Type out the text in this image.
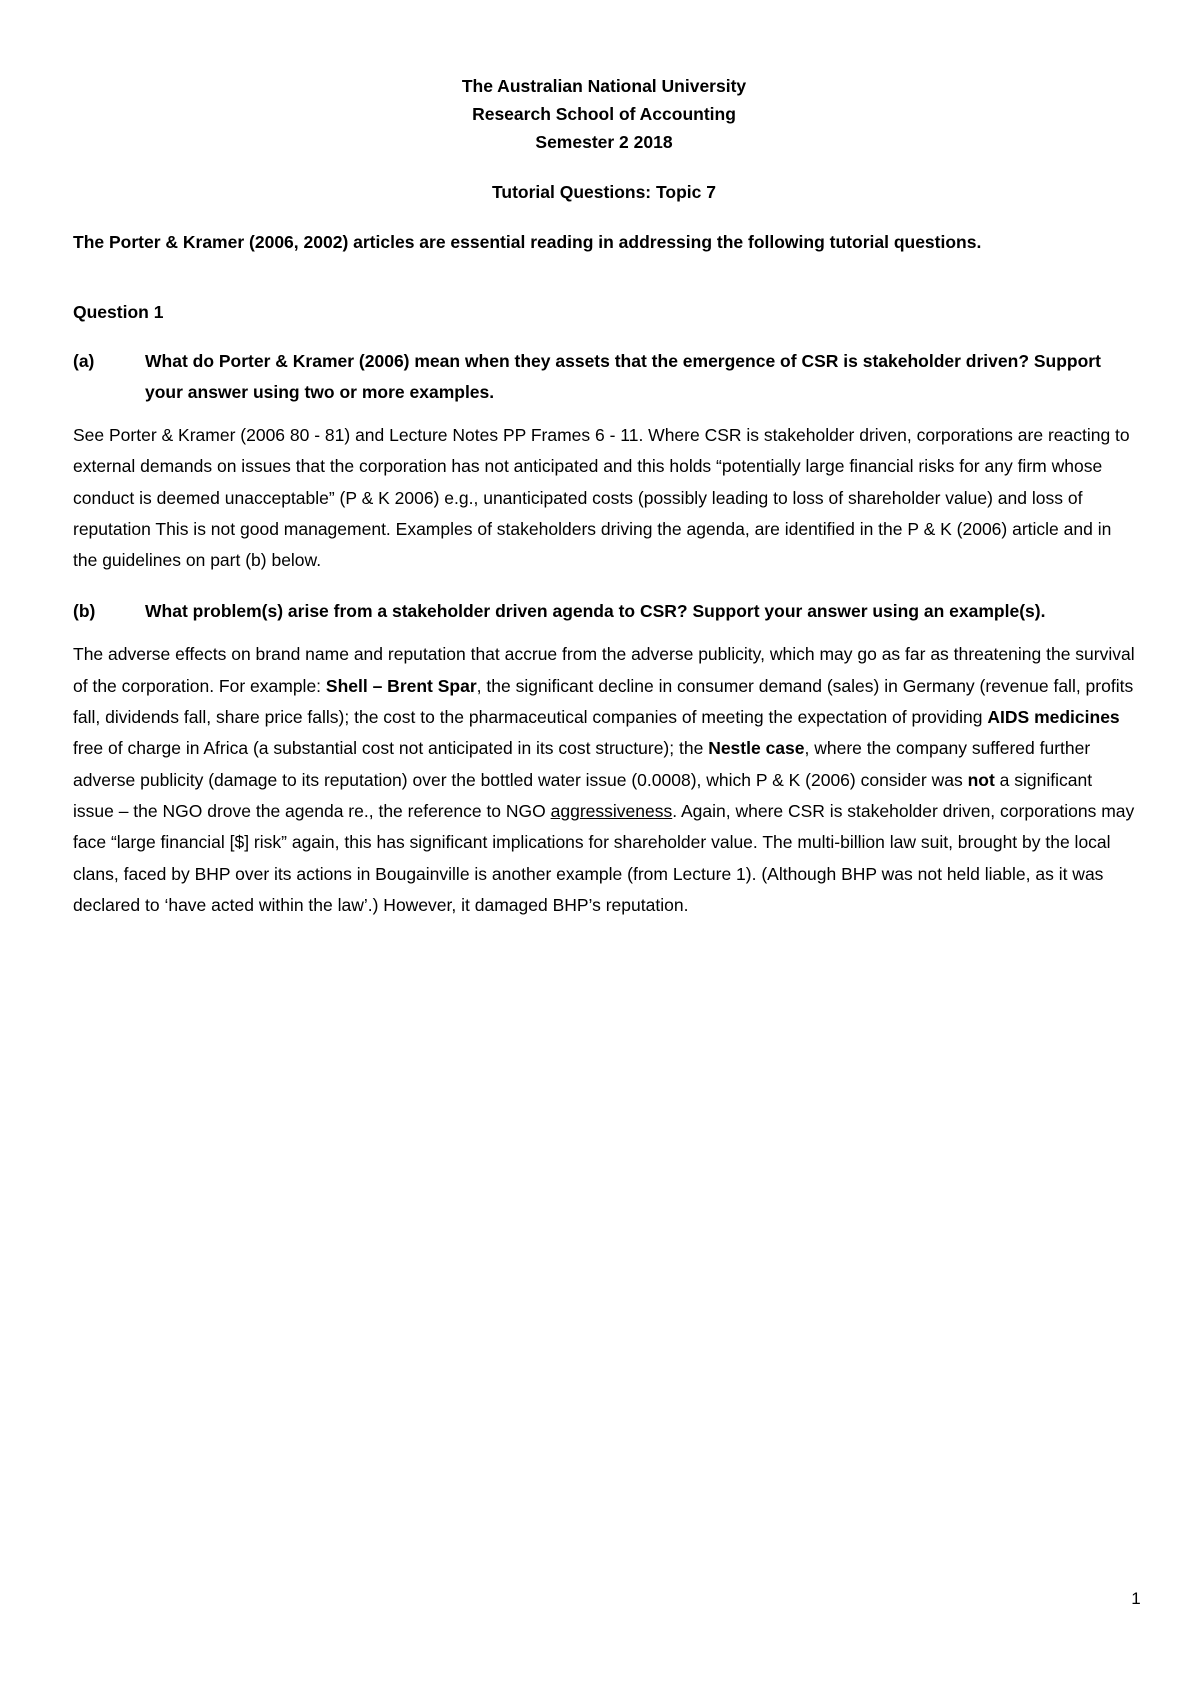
The Australian National University
Research School of Accounting
Semester 2 2018
Tutorial Questions: Topic 7
The Porter & Kramer (2006, 2002) articles are essential reading in addressing the following tutorial questions.
Question 1
(a)	What do Porter & Kramer (2006) mean when they assets that the emergence of CSR is stakeholder driven? Support your answer using two or more examples.
See Porter & Kramer (2006 80 - 81) and Lecture Notes PP Frames 6 - 11. Where CSR is stakeholder driven, corporations are reacting to external demands on issues that the corporation has not anticipated and this holds “potentially large financial risks for any firm whose conduct is deemed unacceptable” (P & K 2006) e.g., unanticipated costs (possibly leading to loss of shareholder value) and loss of reputation This is not good management. Examples of stakeholders driving the agenda, are identified in the P & K (2006) article and in the guidelines on part (b) below.
(b)	What problem(s) arise from a stakeholder driven agenda to CSR? Support your answer using an example(s).
The adverse effects on brand name and reputation that accrue from the adverse publicity, which may go as far as threatening the survival of the corporation. For example: Shell – Brent Spar, the significant decline in consumer demand (sales) in Germany (revenue fall, profits fall, dividends fall, share price falls); the cost to the pharmaceutical companies of meeting the expectation of providing AIDS medicines free of charge in Africa (a substantial cost not anticipated in its cost structure); the Nestle case, where the company suffered further adverse publicity (damage to its reputation) over the bottled water issue (0.0008), which P & K (2006) consider was not a significant issue – the NGO drove the agenda re., the reference to NGO aggressiveness. Again, where CSR is stakeholder driven, corporations may face “large financial [$] risk” again, this has significant implications for shareholder value. The multi-billion law suit, brought by the local clans, faced by BHP over its actions in Bougainville is another example (from Lecture 1). (Although BHP was not held liable, as it was declared to ‘have acted within the law’.) However, it damaged BHP’s reputation.
1
